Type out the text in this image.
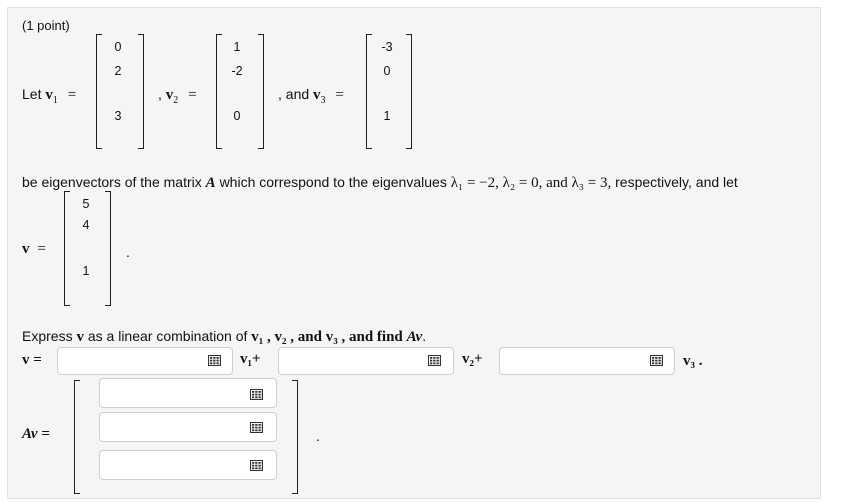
(1 point)
Let $v_1$ =
0
2
3
, $v_2$ =
1
-2
0
, and $v_3$ =
-3
0
1
be eigenvectors of the matrix A which correspond to the eigenvalues λ₁ = −2, λ₂ = 0, and λ₃ = 3, respectively, and let
v =
5
4
1
.
Express v as a linear combination of v₁ , v₂ , and v₃ , and find Av.
v =	v₁+	v₂+	v₃ .
Av =	.
